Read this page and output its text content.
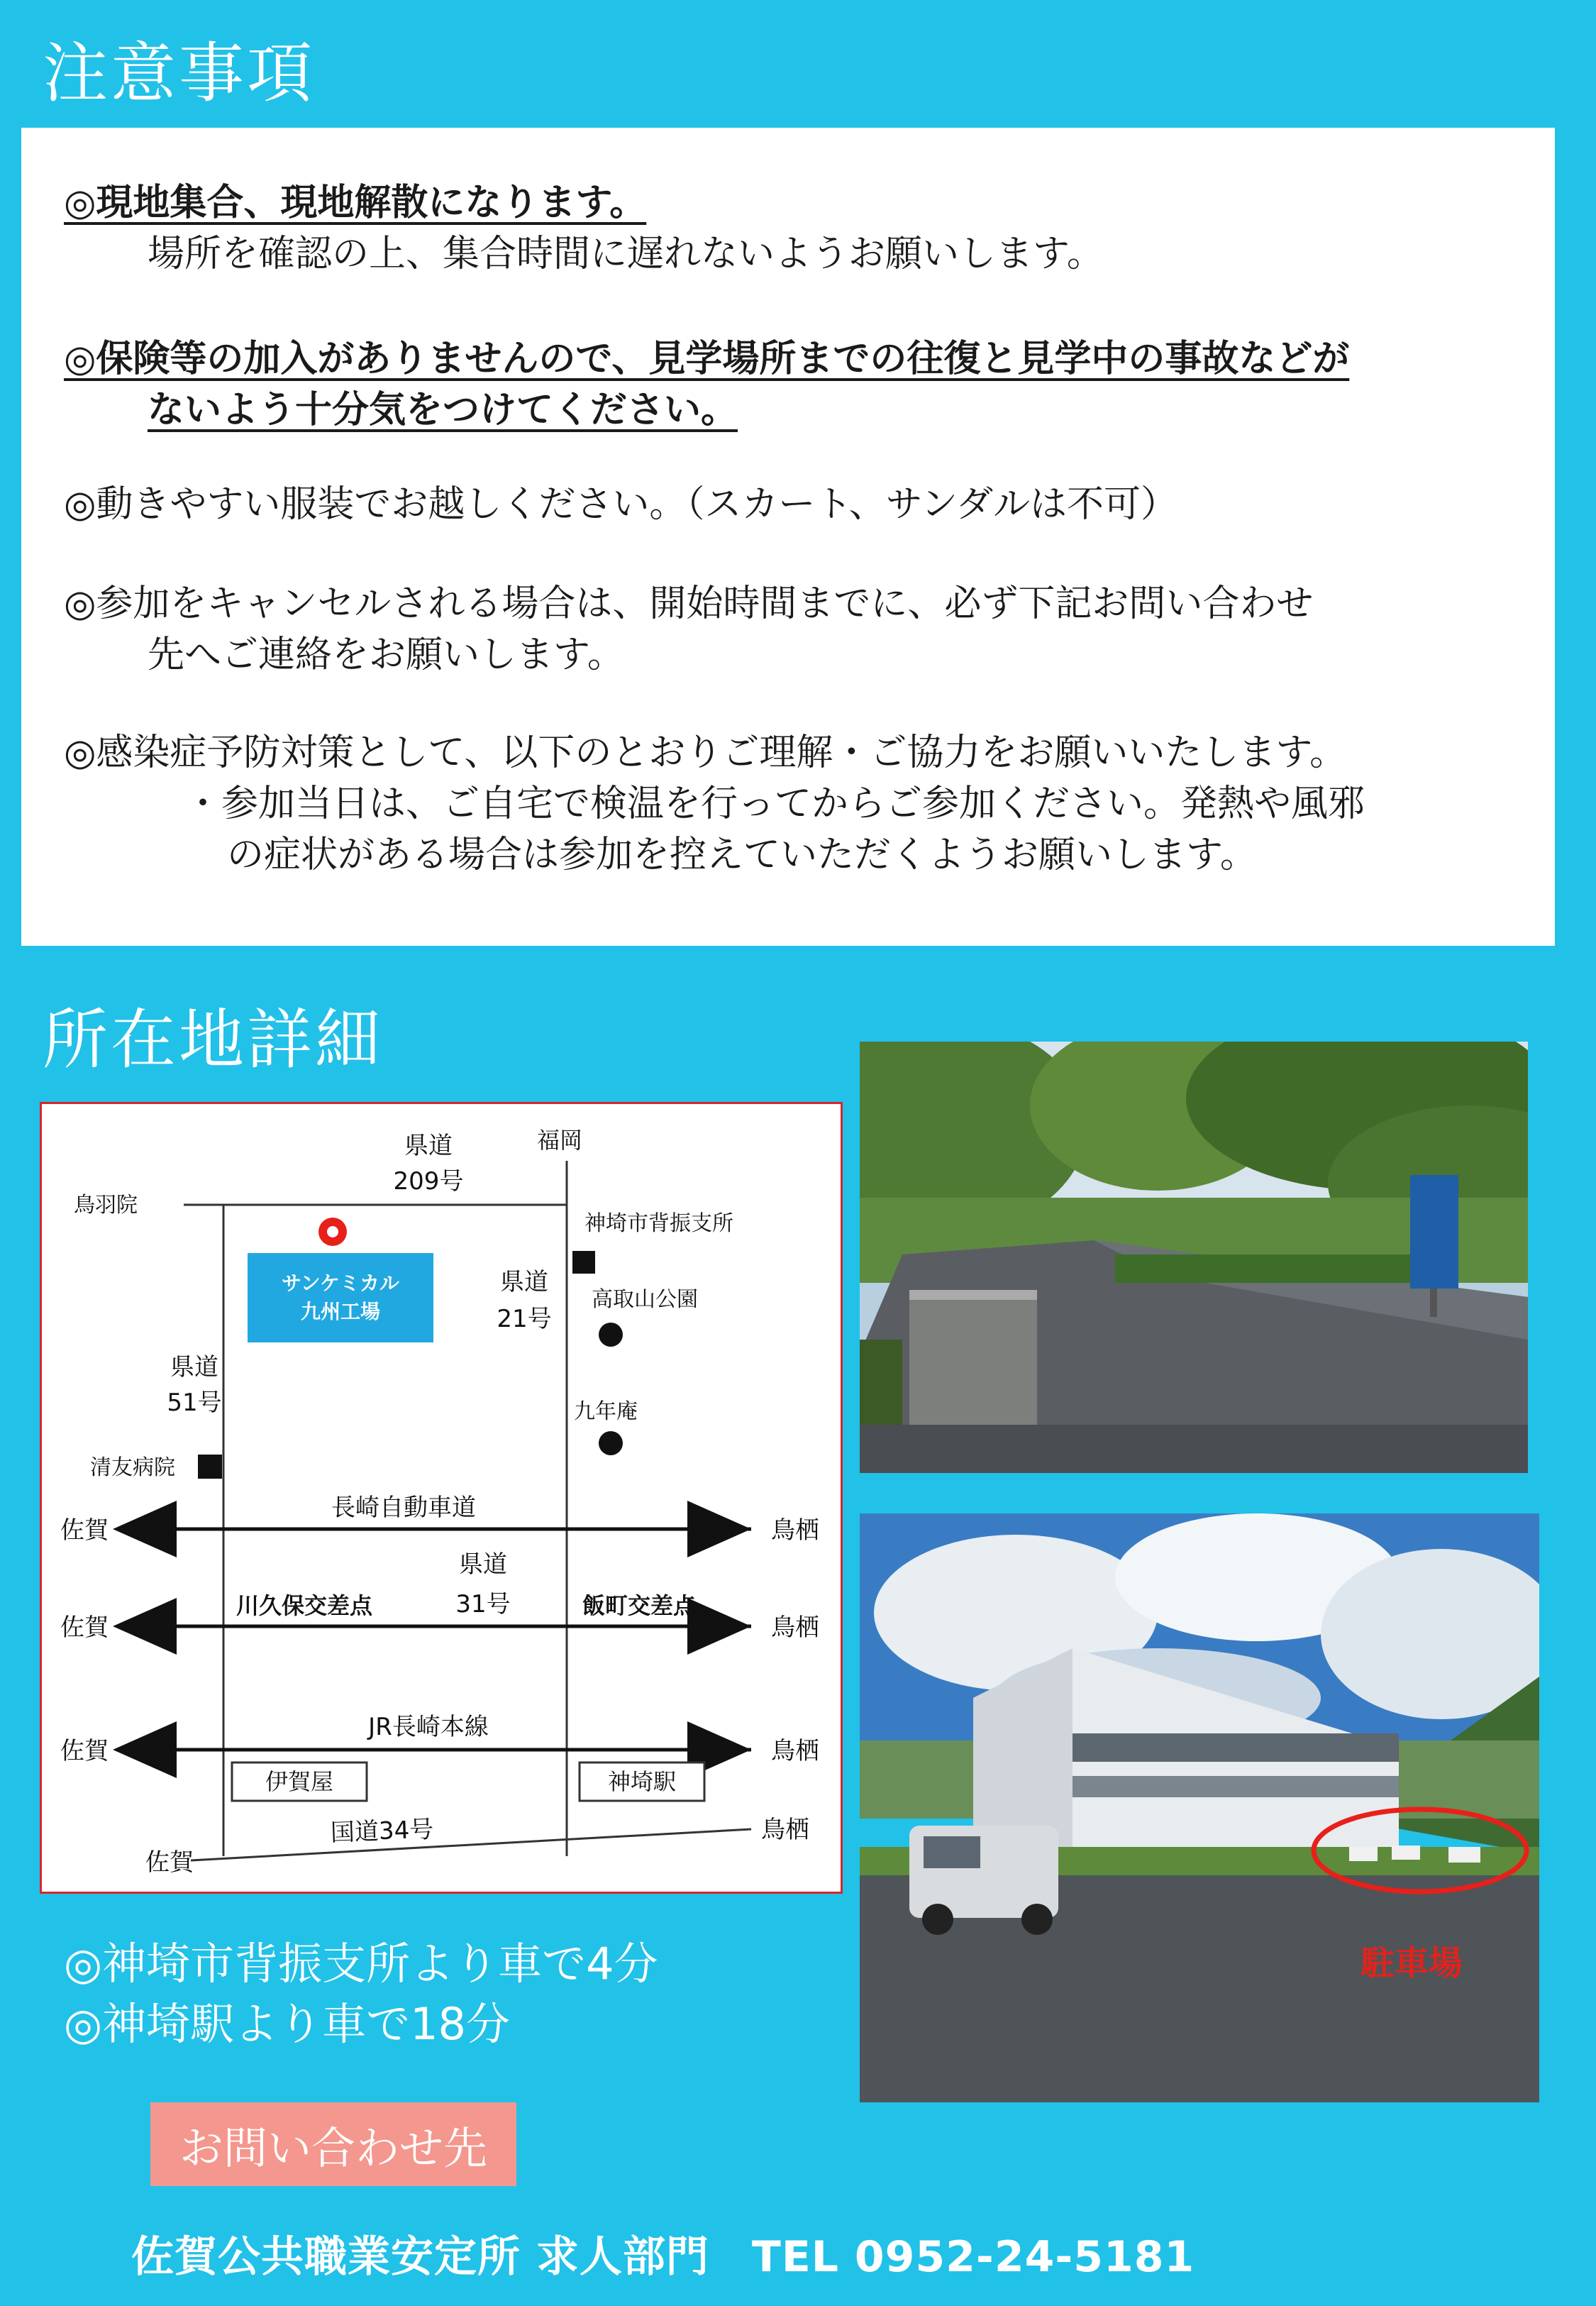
注意事項
◎現地集合、現地解散になります。
場所を確認の上、集合時間に遅れないようお願いします。
◎保険等の加入がありませんので、見学場所までの往復と見学中の事故などが
ないよう十分気をつけてください。
◎動きやすい服装でお越しください。（スカート、サンダルは不可）
◎参加をキャンセルされる場合は、開始時間までに、必ず下記お問い合わせ
先へご連絡をお願いします。
◎感染症予防対策として、以下のとおりご理解・ご協力をお願いいたします。
・参加当日は、ご自宅で検温を行ってからご参加ください。発熱や風邪
の症状がある場合は参加を控えていただくようお願いします。
所在地詳細
県道
209号
福岡
鳥羽院
神埼市背振支所
サンケミカル
九州工場
県道
21号
高取山公園
県道
51号	九年庵
清友病院
長崎自動車道
佐賀	鳥栖
県道
31号
川久保交差点	飯町交差点
佐賀	鳥栖
JR長崎本線
佐賀	鳥栖
伊賀屋	神埼駅
国道34号
佐賀
鳥栖
駐車場
◎神埼市背振支所より車で4分
◎神埼駅より車で18分
お問い合わせ先
佐賀公共職業安定所 求人部門 TEL 0952-24-5181
